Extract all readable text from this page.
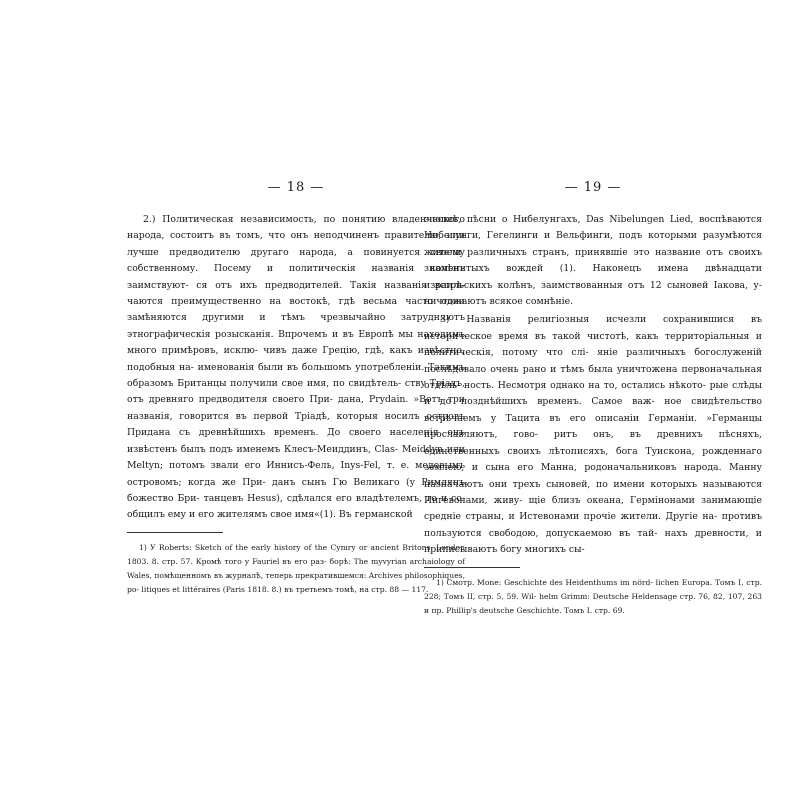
— 18 —

2.) Политическая независимость, по понятию владенческого народа, состоитъ въ томъ, что онъ неподчиненъ правителю, или лучше предводителю другаго народа, а повинуется своему собственному. Посему и политическія названія колѣнъ заимствуют- ся отъ ихъ предводителей. Такія названія встрѣ- чаются преимущественно на востокѣ, гдѣ весьма часто одни замѣняются другими и тѣмъ чрезвычайно затрудняютъ этнографическія розысканія. Впрочемъ и въ Европѣ мы находимъ много примѣровъ, исклю- чивъ даже Грецію, гдѣ, какъ извѣстно, подобныя на- именованія были въ большомъ употребленіи. Такимъ образомъ Британцы получили свое имя, по свидѣтель- ству Тріадъ, отъ древняго предводителя своего При- дана, Prydain. »Вотъ три названія, говорится въ первой Тріадѣ, которыя носилъ островъ Придана съ древнѣйшихъ временъ. До своего населенія онъ извѣстенъ былъ подъ именемъ Клесъ-Меиддинъ, Clas- Meiddyn или Meltyn; потомъ звали его Иннисъ-Фель, Inys-Fel, т. е. медовымъ островомъ; когда же При- данъ сынъ Гю Великаго (у Римлянъ божество Бри- танцевъ Hesus), сдѣлался его владѣтелемъ, то и со- общилъ ему и его жителямъ свое имя«(1). Въ германской

1) У Roberts: Sketch of the early history of the Cymry or ancient Britons. London 1803. 8. стр. 57. Кромѣ того у Fauriel въ его раз- борѣ: The myvyrian archaiology of Wales, помѣщенномъ въ журналѣ, теперь прекратившемся: Archives philosophiques, po- litiques et littéraires (Paris 1818. 8.) въ третьемъ томѣ, на стр. 88 — 117.

— 19 —

эпопеѣ, пѣсни о Нибелунгахъ, Das Nibelungen Lied, воспѣваются Нибелунги, Гегелинги и Вельфинги, подъ которыми разумѣются жители различныхъ странъ, принявшіе это название отъ своихъ знаменитыхъ вождей (1). Наконецъ имена двѣнадцати израильскихъ колѣнъ, заимствованныя отъ 12 сыновей Іакова, у- ничтожаютъ всякое сомнѣніе.

3) Названія религіозныя исчезли сохранившися въ историческое время въ такой чистотѣ, какъ территоріальныя и политическія, потому что слі- яніе различныхъ богослуженій послѣдовало очень рано и тѣмъ была уничтожена первоначальная отдѣль- ность. Несмотря однако на то, остались нѣкото- рые слѣды и до позднѣйшихъ временъ. Самое важ- ное свидѣтельство встрѣчаемъ у Тацита въ его описаніи Германіи. »Германцы прославляютъ, гово- ритъ онъ, въ древнихъ пѣсняхъ, единственныхъ своихъ лѣтописяхъ, бога Туискона, рожденнаго землею, и сына его Манна, родоначальниковъ народа. Манну назначаютъ они трехъ сыновей, по имени которыхъ называются Ингевонами, живу- щіе близъ океана, Гермінонами занимающіе средніе страны, и Истевонами прочіе жители. Другіе на- противъ пользуются свободою, допускаемою въ тай- нахъ древности, и приписываютъ богу многихъ сы-

1) Смотр. Mone: Geschichte des Heidenthums im nörd- lichen Europa. Томъ I, стр. 228; Томъ II, стр. 5, 59. Wil- helm Grimm: Deutsche Heldensage стр. 76, 82, 107, 263 и пр. Phillip's deutsche Geschichte. Томъ I. стр. 69.
